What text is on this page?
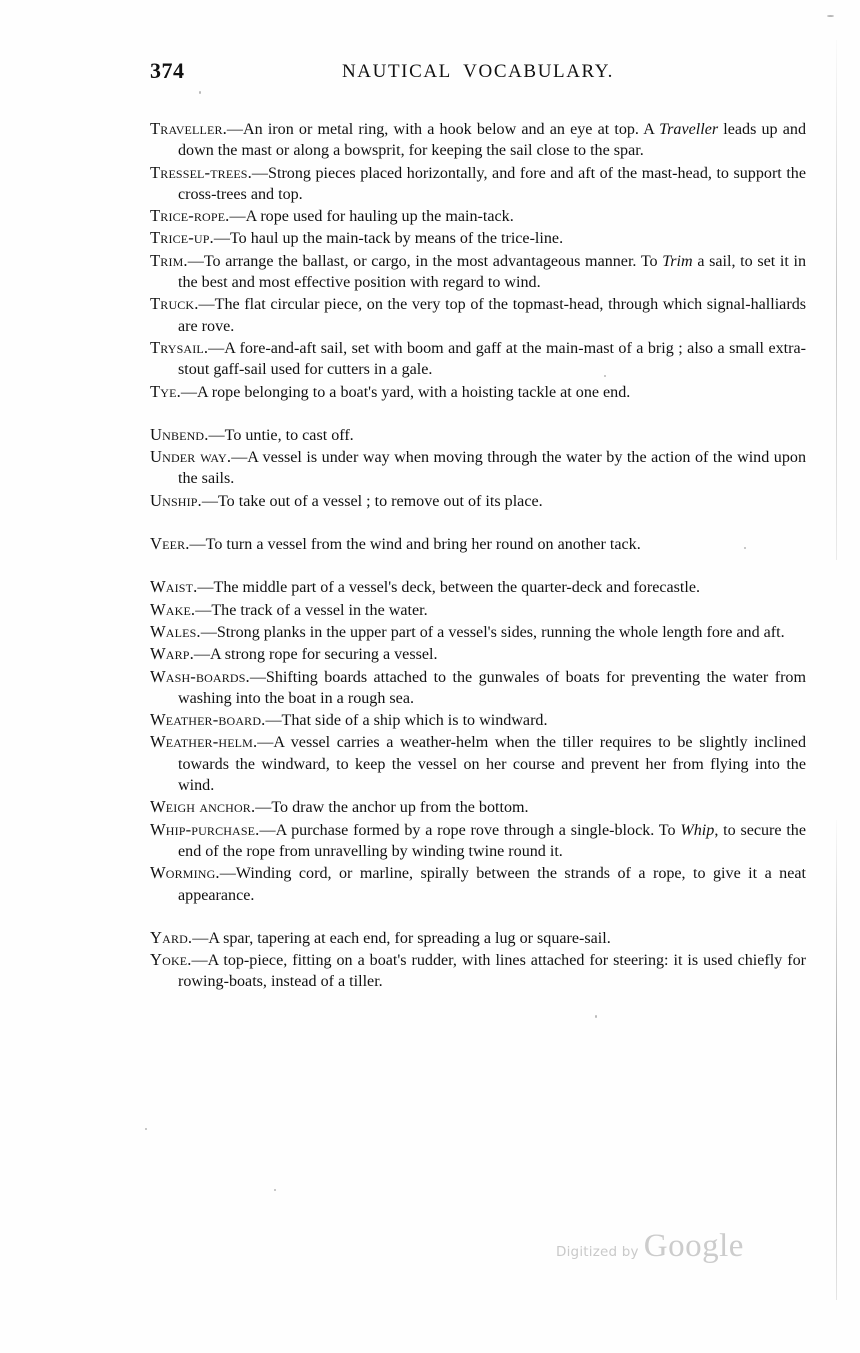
374	NAUTICAL VOCABULARY.

Traveller.—An iron or metal ring, with a hook below and an eye at top. A Traveller leads up and down the mast or along a bowsprit, for keeping the sail close to the spar.

Tressel-trees.—Strong pieces placed horizontally, and fore and aft of the mast-head, to support the cross-trees and top.

Trice-rope.—A rope used for hauling up the main-tack.

Trice-up.—To haul up the main-tack by means of the trice-line.

Trim.—To arrange the ballast, or cargo, in the most advantageous manner. To Trim a sail, to set it in the best and most effective position with regard to wind.

Truck.—The flat circular piece, on the very top of the topmast-head, through which signal-halliards are rove.

Trysail.—A fore-and-aft sail, set with boom and gaff at the main-mast of a brig ; also a small extra-stout gaff-sail used for cutters in a gale.

Tye.—A rope belonging to a boat's yard, with a hoisting tackle at one end.

Unbend.—To untie, to cast off.

Under way.—A vessel is under way when moving through the water by the action of the wind upon the sails.

Unship.—To take out of a vessel ; to remove out of its place.

Veer.—To turn a vessel from the wind and bring her round on another tack.

Waist.—The middle part of a vessel's deck, between the quarter-deck and forecastle.

Wake.—The track of a vessel in the water.

Wales.—Strong planks in the upper part of a vessel's sides, running the whole length fore and aft.

Warp.—A strong rope for securing a vessel.

Wash-boards.—Shifting boards attached to the gunwales of boats for preventing the water from washing into the boat in a rough sea.

Weather-board.—That side of a ship which is to windward.

Weather-helm.—A vessel carries a weather-helm when the tiller requires to be slightly inclined towards the windward, to keep the vessel on her course and prevent her from flying into the wind.

Weigh anchor.—To draw the anchor up from the bottom.

Whip-purchase.—A purchase formed by a rope rove through a single-block. To Whip, to secure the end of the rope from unravelling by winding twine round it.

Worming.—Winding cord, or marline, spirally between the strands of a rope, to give it a neat appearance.

Yard.—A spar, tapering at each end, for spreading a lug or square-sail.

Yoke.—A top-piece, fitting on a boat's rudder, with lines attached for steering: it is used chiefly for rowing-boats, instead of a tiller.

Digitized by Google
